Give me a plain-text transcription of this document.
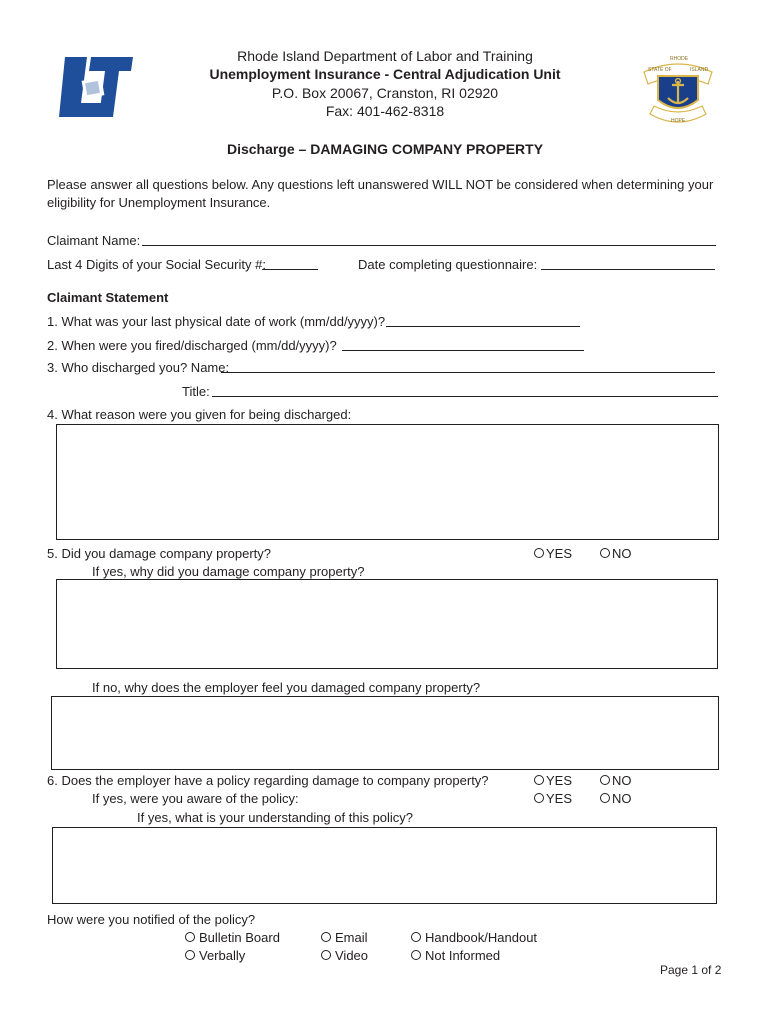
RHODE
STATE OF	ISLAND
HOPE
Rhode Island Department of Labor and Training
Unemployment Insurance - Central Adjudication Unit
P.O. Box 20067, Cranston, RI 02920
Fax: 401-462-8318
Discharge – DAMAGING COMPANY PROPERTY
Please answer all questions below. Any questions left unanswered WILL NOT be considered when determining your
eligibility for Unemployment Insurance.
Claimant Name:
Last 4 Digits of your Social Security #:	Date completing questionnaire:
Claimant Statement
1. What was your last physical date of work (mm/dd/yyyy)?
2. When were you fired/discharged (mm/dd/yyyy)?
3. Who discharged you? Name:
Title:
4. What reason were you given for being discharged:
5. Did you damage company property?	YES	NO
If yes, why did you damage company property?
If no, why does the employer feel you damaged company property?
6. Does the employer have a policy regarding damage to company property?	YES	NO
If yes, were you aware of the policy:	YES	NO
If yes, what is your understanding of this policy?
How were you notified of the policy?
Bulletin Board	Email	Handbook/Handout
Verbally	Video	Not Informed
Page 1 of 2
